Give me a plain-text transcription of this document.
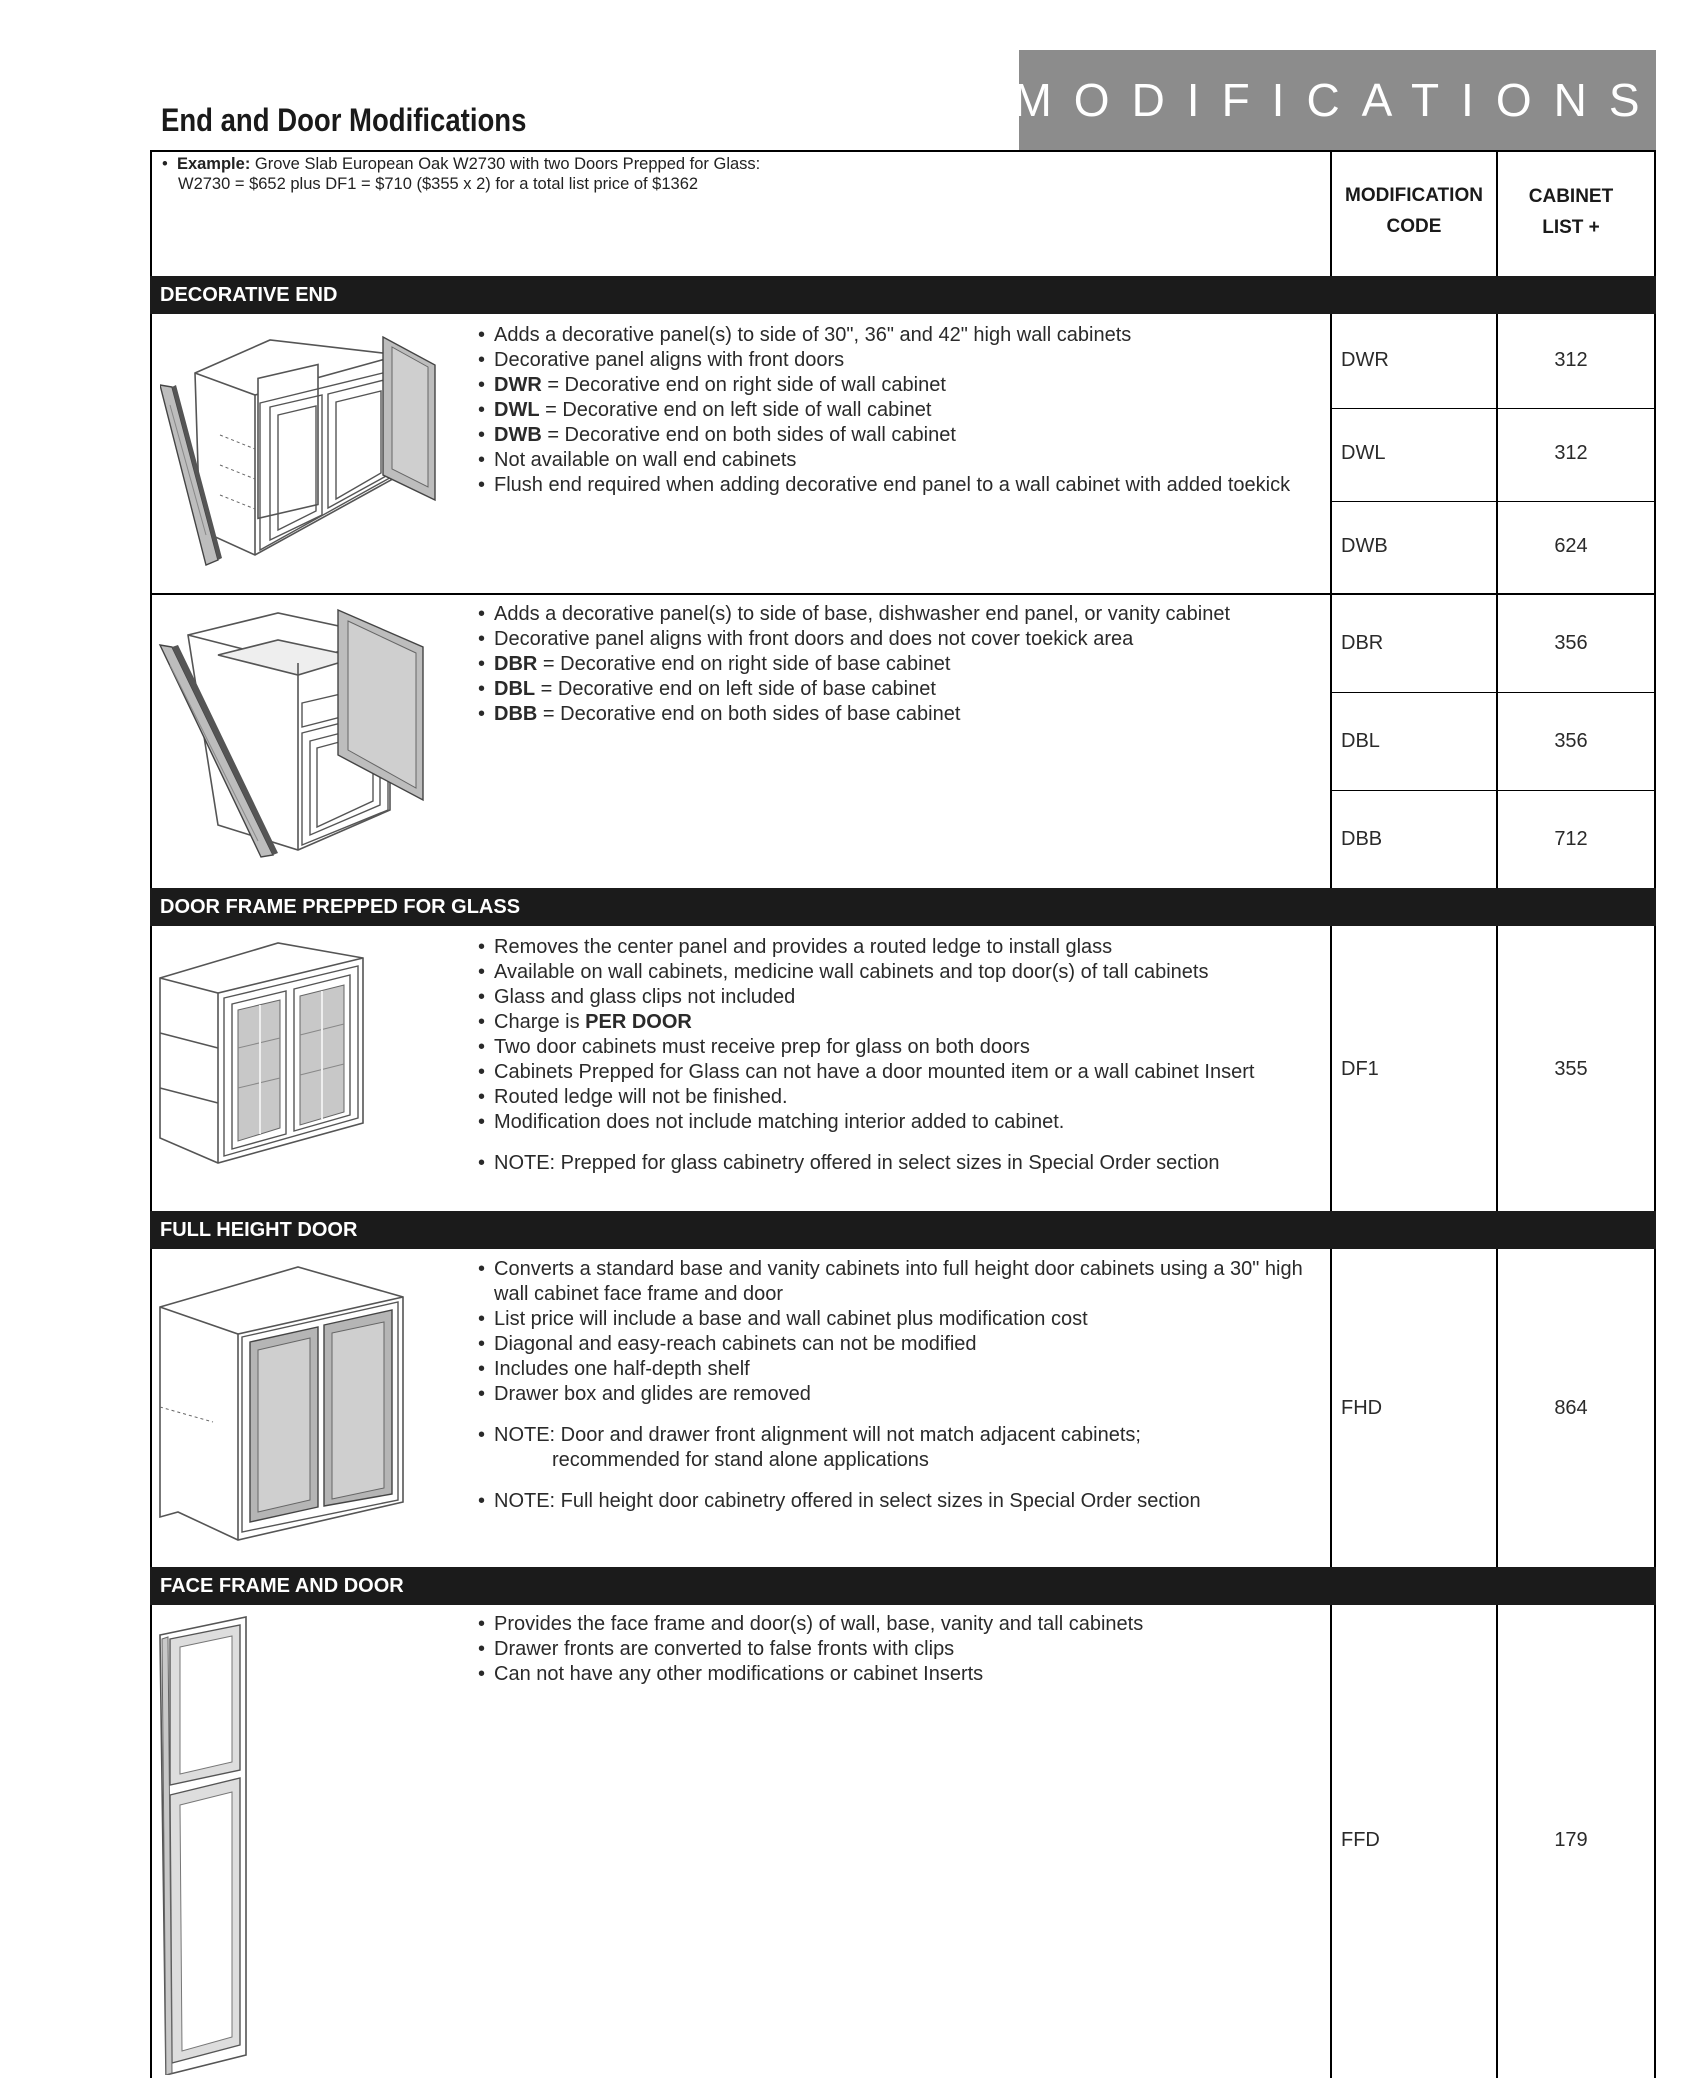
MODIFICATIONS
End and Door Modifications
•  Example: Grove Slab European Oak W2730 with two Doors Prepped for Glass:
W2730 = $652 plus DF1 = $710 ($355 x 2) for a total list price of $1362
MODIFICATION
CODE
CABINET
LIST +
DECORATIVE END
• Adds a decorative panel(s) to side of 30", 36" and 42" high wall cabinets
• Decorative panel aligns with front doors
• DWR = Decorative end on right side of wall cabinet
• DWL = Decorative end on left side of wall cabinet
• DWB = Decorative end on both sides of wall cabinet
• Not available on wall end cabinets
• Flush end required when adding decorative end panel to a wall cabinet with added toekick
DWR	312
DWL	312
DWB	624
• Adds a decorative panel(s) to side of base, dishwasher end panel, or vanity cabinet
• Decorative panel aligns with front doors and does not cover toekick area
• DBR = Decorative end on right side of base cabinet
• DBL = Decorative end on left side of base cabinet
• DBB = Decorative end on both sides of base cabinet
DBR	356
DBL	356
DBB	712
DOOR FRAME PREPPED FOR GLASS
• Removes the center panel and provides a routed ledge to install glass
• Available on wall cabinets, medicine wall cabinets and top door(s) of tall cabinets
• Glass and glass clips not included
• Charge is PER DOOR
• Two door cabinets must receive prep for glass on both doors
• Cabinets Prepped for Glass can not have a door mounted item or a wall cabinet Insert
• Routed ledge will not be finished.
• Modification does not include matching interior added to cabinet.
• NOTE: Prepped for glass cabinetry offered in select sizes in Special Order section
DF1	355
FULL HEIGHT DOOR
• Converts a standard base and vanity cabinets into full height door cabinets using a 30" high wall cabinet face frame and door
• List price will include a base and wall cabinet plus modification cost
• Diagonal and easy-reach cabinets can not be modified
• Includes one half-depth shelf
• Drawer box and glides are removed
• NOTE: Door and drawer front alignment will not match adjacent cabinets;
recommended for stand alone applications
• NOTE: Full height door cabinetry offered in select sizes in Special Order section
FHD	864
FACE FRAME AND DOOR
• Provides the face frame and door(s) of wall, base, vanity and tall cabinets
• Drawer fronts are converted to false fronts with clips
• Can not have any other modifications or cabinet Inserts
FFD	179
